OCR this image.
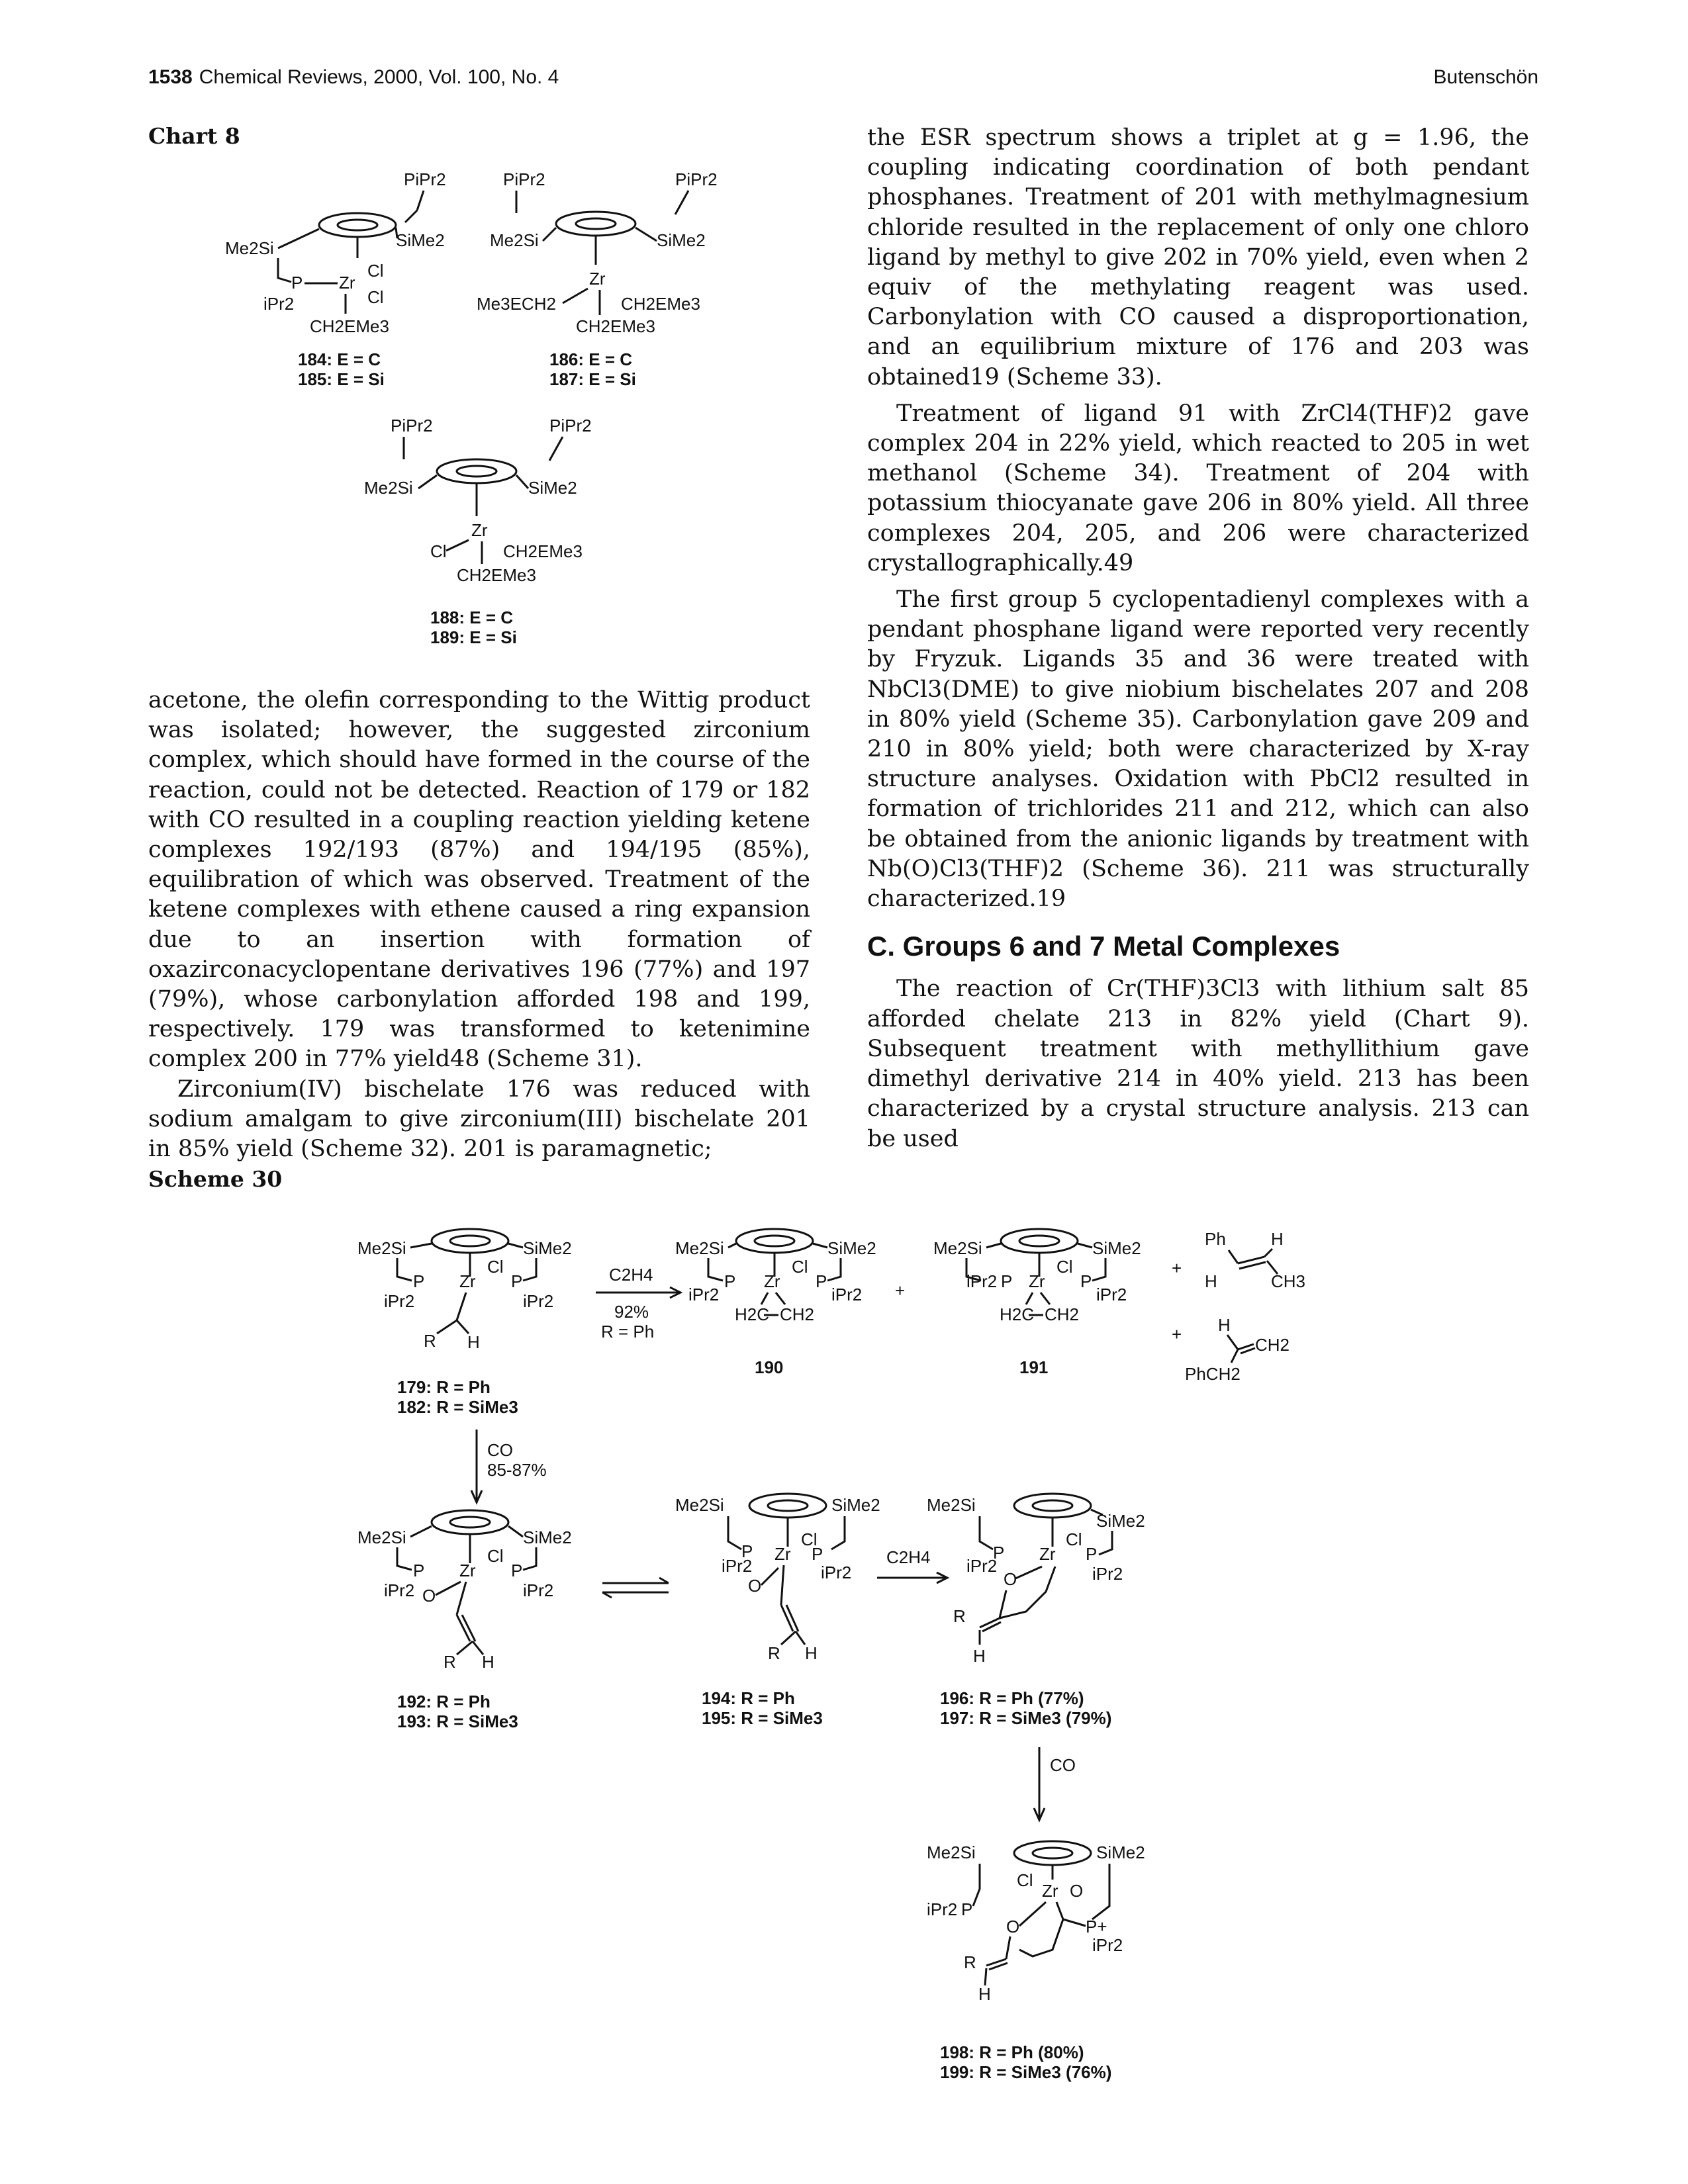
1538 Chemical Reviews, 2000, Vol. 100, No. 4	Butenschön
Chart 8
PiPr2
SiMe2
Me2Si
P Zr
Cl
Cl
iPr2
CH2EMe3
184: E = C
185: E = Si
PiPr2	PiPr2
Me2Si	SiMe2
Zr
Me3ECH2	CH2EMe3
CH2EMe3
186: E = C
187: E = Si
PiPr2	PiPr2
Me2Si	SiMe2
Zr
Cl	CH2EMe3
CH2EMe3
188: E = C
189: E = Si

acetone, the olefin corresponding to the Wittig product was isolated; however, the suggested zirconium complex, which should have formed in the course of the reaction, could not be detected. Reaction of 179 or 182 with CO resulted in a coupling reaction yielding ketene complexes 192/193 (87%) and 194/195 (85%), equilibration of which was observed. Treatment of the ketene complexes with ethene caused a ring expansion due to an insertion with formation of oxazirconacyclopentane derivatives 196 (77%) and 197 (79%), whose carbonylation afforded 198 and 199, respectively. 179 was transformed to ketenimine complex 200 in 77% yield48 (Scheme 31).

Zirconium(IV) bischelate 176 was reduced with sodium amalgam to give zirconium(III) bischelate 201 in 85% yield (Scheme 32). 201 is paramagnetic;

the ESR spectrum shows a triplet at g = 1.96, the coupling indicating coordination of both pendant phosphanes. Treatment of 201 with methylmagnesium chloride resulted in the replacement of only one chloro ligand by methyl to give 202 in 70% yield, even when 2 equiv of the methylating reagent was used. Carbonylation with CO caused a disproportionation, and an equilibrium mixture of 176 and 203 was obtained19 (Scheme 33).

Treatment of ligand 91 with ZrCl4(THF)2 gave complex 204 in 22% yield, which reacted to 205 in wet methanol (Scheme 34). Treatment of 204 with potassium thiocyanate gave 206 in 80% yield. All three complexes 204, 205, and 206 were characterized crystallographically.49

The first group 5 cyclopentadienyl complexes with a pendant phosphane ligand were reported very recently by Fryzuk. Ligands 35 and 36 were treated with NbCl3(DME) to give niobium bischelates 207 and 208 in 80% yield (Scheme 35). Carbonylation gave 209 and 210 in 80% yield; both were characterized by X-ray structure analyses. Oxidation with PbCl2 resulted in formation of trichlorides 211 and 212, which can also be obtained from the anionic ligands by treatment with Nb(O)Cl3(THF)2 (Scheme 36). 211 was structurally characterized.19

C. Groups 6 and 7 Metal Complexes

The reaction of Cr(THF)3Cl3 with lithium salt 85 afforded chelate 213 in 82% yield (Chart 9). Subsequent treatment with methyllithium gave dimethyl derivative 214 in 40% yield. 213 has been characterized by a crystal structure analysis. 213 can be used

Scheme 30
Me2Si	SiMe2
P Zr
Cl
P
iPr2	iPr2
R H
179: R = Ph
182: R = SiMe3
C2H4
92%
R = Ph
Me2Si	SiMe2
P Zr
Cl
P
iPr2	iPr2
H2C CH2
190
+
Me2Si	SiMe2
iPr2 P Zr
Cl
P
iPr2
H2C CH2
191
+
Ph	H
H	CH3
+ H
CH2
PhCH2
CO
85-87%
Me2Si	SiMe2
P Zr
Cl
P
iPr2	iPr2
O
R H
192: R = Ph
193: R = SiMe3
Me2Si	SiMe2
P Zr
Cl
P
iPr2	iPr2
O
R H
194: R = Ph
195: R = SiMe3
C2H4
Me2Si
SiMe2
P Zr
Cl
P
iPr2	iPr2
O
R
H
196: R = Ph (77%)
197: R = SiMe3 (79%)
CO
Me2Si	SiMe2
Cl
Zr O
iPr2 P
P+
iPr2
O
R
H
198: R = Ph (80%)
199: R = SiMe3 (76%)
